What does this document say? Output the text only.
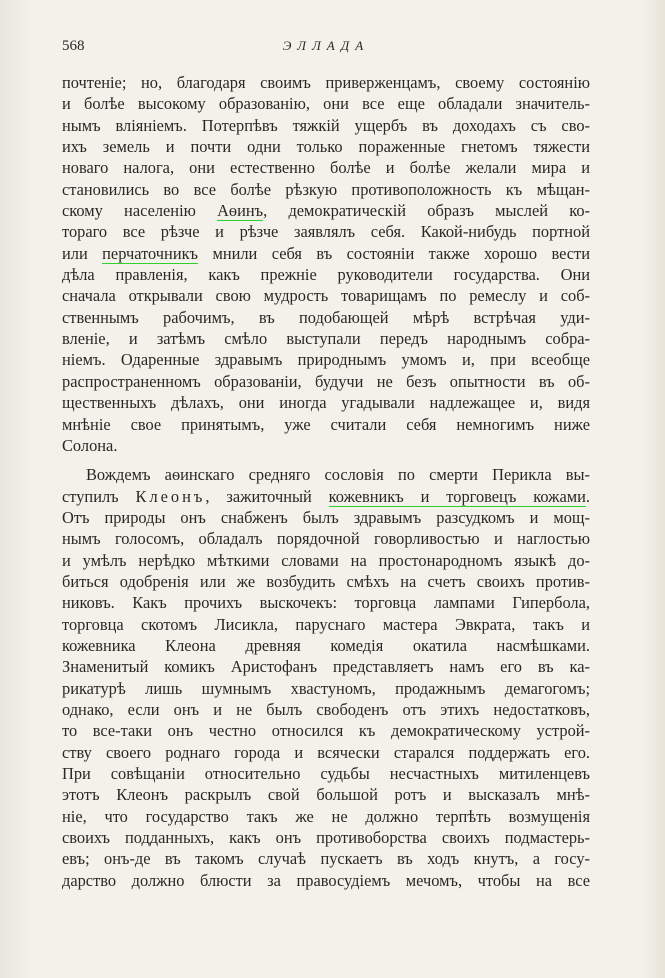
568	ЭЛЛАДА
почтеніе; но, благодаря своимъ приверженцамъ, своему состоянію
и болѣе высокому образованію, они все еще обладали значитель-
нымъ вліяніемъ. Потерпѣвъ тяжкій ущербъ въ доходахъ съ сво-
ихъ земель и почти одни только пораженные гнетомъ тяжести
новаго налога, они естественно болѣе и болѣе желали мира и
становились во все болѣе рѣзкую противоположность къ мѣщан-
скому населенію Аѳинъ, демократическій образъ мыслей ко-
тораго все рѣзче и рѣзче заявлялъ себя. Какой-нибудь портной
или перчаточникъ мнили себя въ состояніи также хорошо вести
дѣла правленія, какъ прежніе руководители государства. Они
сначала открывали свою мудрость товарищамъ по ремеслу и соб-
ственнымъ рабочимъ, въ подобающей мѣрѣ встрѣчая уди-
вленіе, и затѣмъ смѣло выступали передъ народнымъ собра-
ніемъ. Одаренные здравымъ природнымъ умомъ и, при всеобще
распространенномъ образованіи, будучи не безъ опытности въ об-
щественныхъ дѣлахъ, они иногда угадывали надлежащее и, видя
мнѣніе свое принятымъ, уже считали себя немногимъ ниже
Солона.
Вождемъ аѳинскаго средняго сословія по смерти Перикла вы-
ступилъ Клеонъ, зажиточный кожевникъ и торговецъ кожами.
Отъ природы онъ снабженъ былъ здравымъ разсудкомъ и мощ-
нымъ голосомъ, обладалъ порядочной говорливостью и наглостью
и умѣлъ нерѣдко мѣткими словами на простонародномъ языкѣ до-
биться одобренія или же возбудить смѣхъ на счетъ своихъ против-
никовъ. Какъ прочихъ выскочекъ: торговца лампами Гипербола,
торговца скотомъ Лисикла, паруснаго мастера Эвкрата, такъ и
кожевника Клеона древняя комедія окатила насмѣшками.
Знаменитый комикъ Аристофанъ представляетъ намъ его въ ка-
рикатурѣ лишь шумнымъ хвастуномъ, продажнымъ демагогомъ;
однако, если онъ и не былъ свободенъ отъ этихъ недостатковъ,
то все-таки онъ честно относился къ демократическому устрой-
ству своего роднаго города и всячески старался поддержать его.
При совѣщаніи относительно судьбы несчастныхъ митиленцевъ
этотъ Клеонъ раскрылъ свой большой ротъ и высказалъ мнѣ-
ніе, что государство такъ же не должно терпѣть возмущенія
своихъ подданныхъ, какъ онъ противоборства своихъ подмастерь-
евъ; онъ-де въ такомъ случаѣ пускаетъ въ ходъ кнутъ, а госу-
дарство должно блюсти за правосудіемъ мечомъ, чтобы на все
